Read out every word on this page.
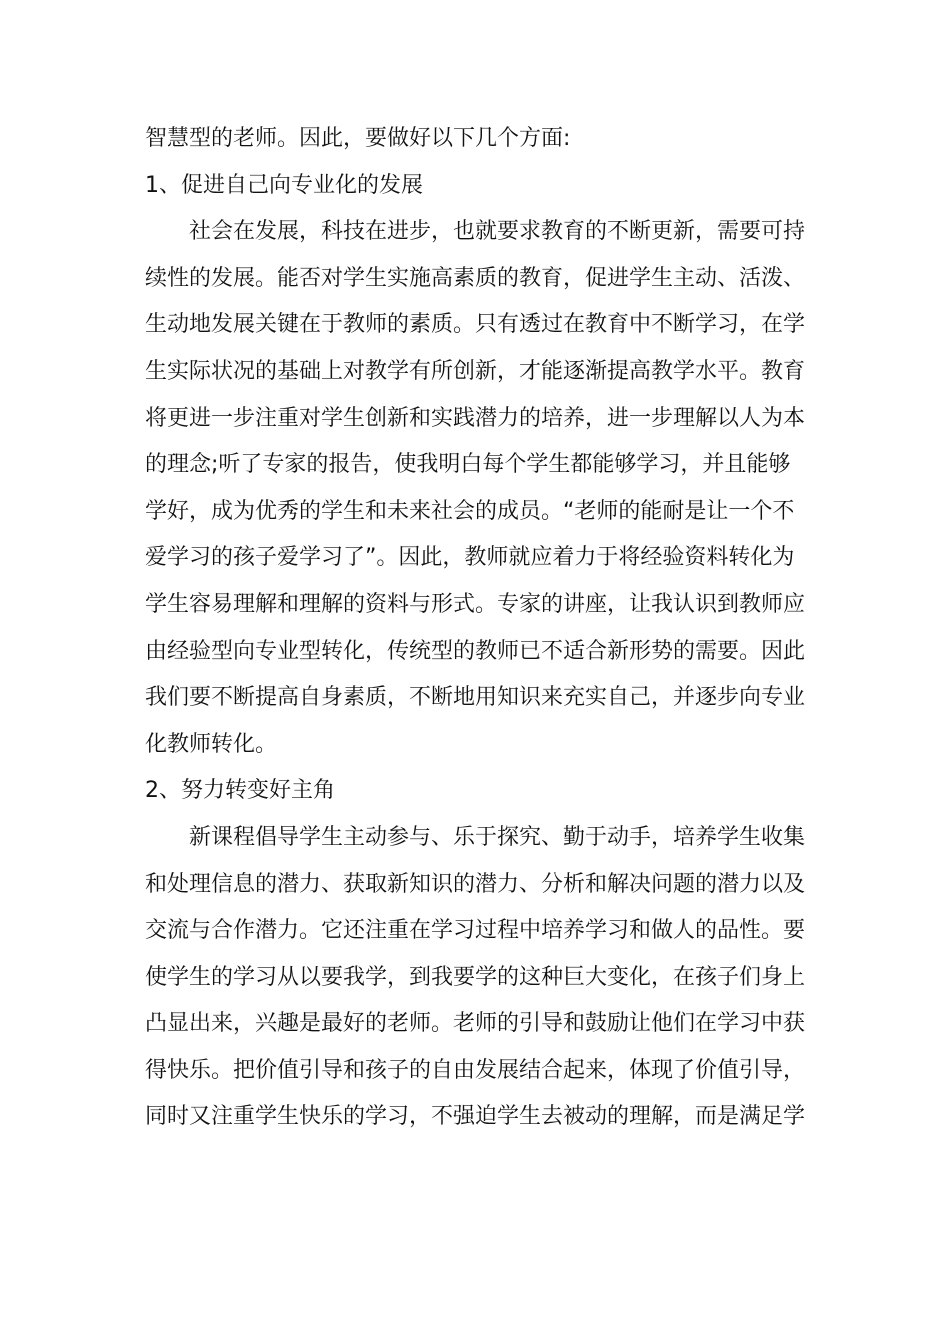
智慧型的老师。因此，要做好以下几个方面:

1、促进自己向专业化的发展

社会在发展，科技在进步，也就要求教育的不断更新，需要可持

续性的发展。能否对学生实施高素质的教育，促进学生主动、活泼、

生动地发展关键在于教师的素质。只有透过在教育中不断学习，在学

生实际状况的基础上对教学有所创新，才能逐渐提高教学水平。教育

将更进一步注重对学生创新和实践潜力的培养，进一步理解以人为本

的理念;听了专家的报告，使我明白每个学生都能够学习，并且能够

学好，成为优秀的学生和未来社会的成员。“老师的能耐是让一个不

爱学习的孩子爱学习了”。因此，教师就应着力于将经验资料转化为

学生容易理解和理解的资料与形式。专家的讲座，让我认识到教师应

由经验型向专业型转化，传统型的教师已不适合新形势的需要。因此

我们要不断提高自身素质，不断地用知识来充实自己，并逐步向专业

化教师转化。

2、努力转变好主角

新课程倡导学生主动参与、乐于探究、勤于动手，培养学生收集

和处理信息的潜力、获取新知识的潜力、分析和解决问题的潜力以及

交流与合作潜力。它还注重在学习过程中培养学习和做人的品性。要

使学生的学习从以要我学，到我要学的这种巨大变化，在孩子们身上

凸显出来，兴趣是最好的老师。老师的引导和鼓励让他们在学习中获

得快乐。把价值引导和孩子的自由发展结合起来，体现了价值引导，

同时又注重学生快乐的学习，不强迫学生去被动的理解，而是满足学
